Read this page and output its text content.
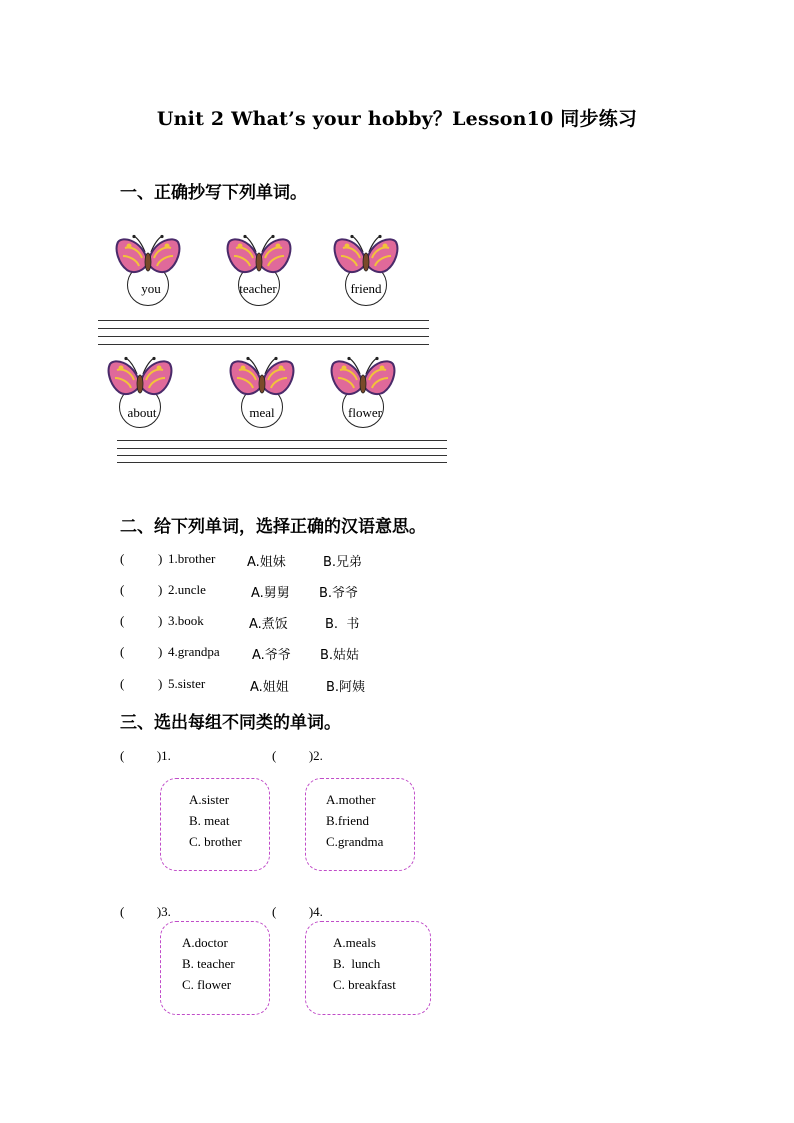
Unit 2 What’s your hobby？Lesson10 同步练习
一、正确抄写下列单词。
you	teacher	friend
about	meal	flower
二、给下列单词，选择正确的汉语意思。
(	) 1.brother A.姐妹	B.兄弟
(	) 2.uncle	A.舅舅 B.爷爷
(	) 3.book	A.煮饭	B.  书
(	) 4.grandpa A.爷爷 B.姑姑
(	) 5.sister	A.姐姐	B.阿姨
三、选出每组不同类的单词。
(          )1.	(          )2.
A.sister
B. meat
C. brother
A.mother
B.friend
C.grandma
(          )3.	(          )4.
A.doctor
B. teacher
C. flower
A.meals
B.  lunch
C. breakfast
